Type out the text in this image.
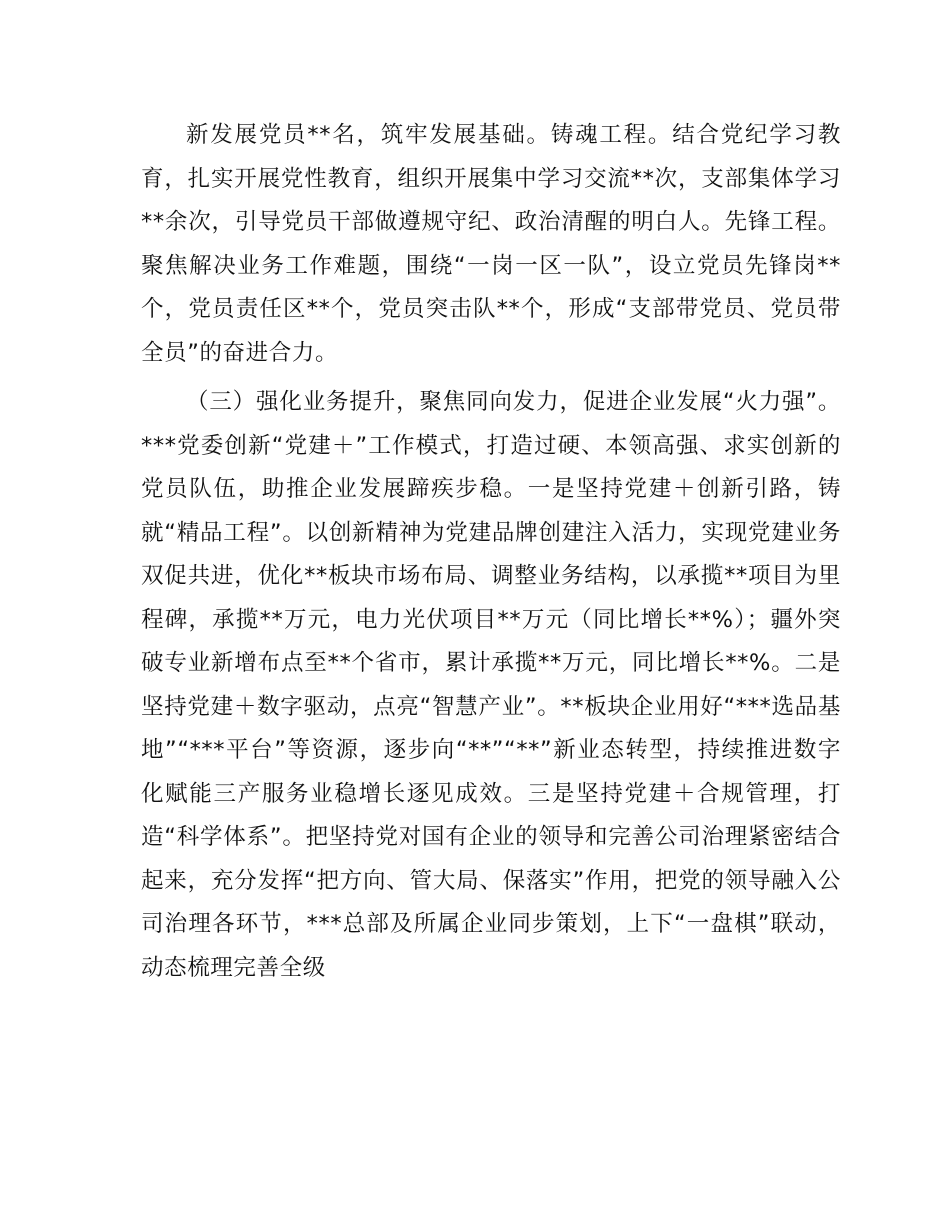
新发展党员**名，筑牢发展基础。铸魂工程。结合党纪学习教育，扎实开展党性教育，组织开展集中学习交流**次，支部集体学习**余次，引导党员干部做遵规守纪、政治清醒的明白人。先锋工程。聚焦解决业务工作难题，围绕“一岗一区一队”，设立党员先锋岗**个，党员责任区**个，党员突击队**个，形成“支部带党员、党员带全员”的奋进合力。

（三）强化业务提升，聚焦同向发力，促进企业发展“火力强”。***党委创新“党建＋”工作模式，打造过硬、本领高强、求实创新的党员队伍，助推企业发展蹄疾步稳。一是坚持党建＋创新引路，铸就“精品工程”。以创新精神为党建品牌创建注入活力，实现党建业务双促共进，优化**板块市场布局、调整业务结构，以承揽**项目为里程碑，承揽**万元，电力光伏项目**万元（同比增长**%）；疆外突破专业新增布点至**个省市，累计承揽**万元，同比增长**%。二是坚持党建＋数字驱动，点亮“智慧产业”。**板块企业用好“***选品基地”“***平台”等资源，逐步向“**”“**”新业态转型，持续推进数字化赋能三产服务业稳增长逐见成效。三是坚持党建＋合规管理，打造“科学体系”。把坚持党对国有企业的领导和完善公司治理紧密结合起来，充分发挥“把方向、管大局、保落实”作用，把党的领导融入公司治理各环节，***总部及所属企业同步策划，上下“一盘棋”联动，动态梳理完善全级
